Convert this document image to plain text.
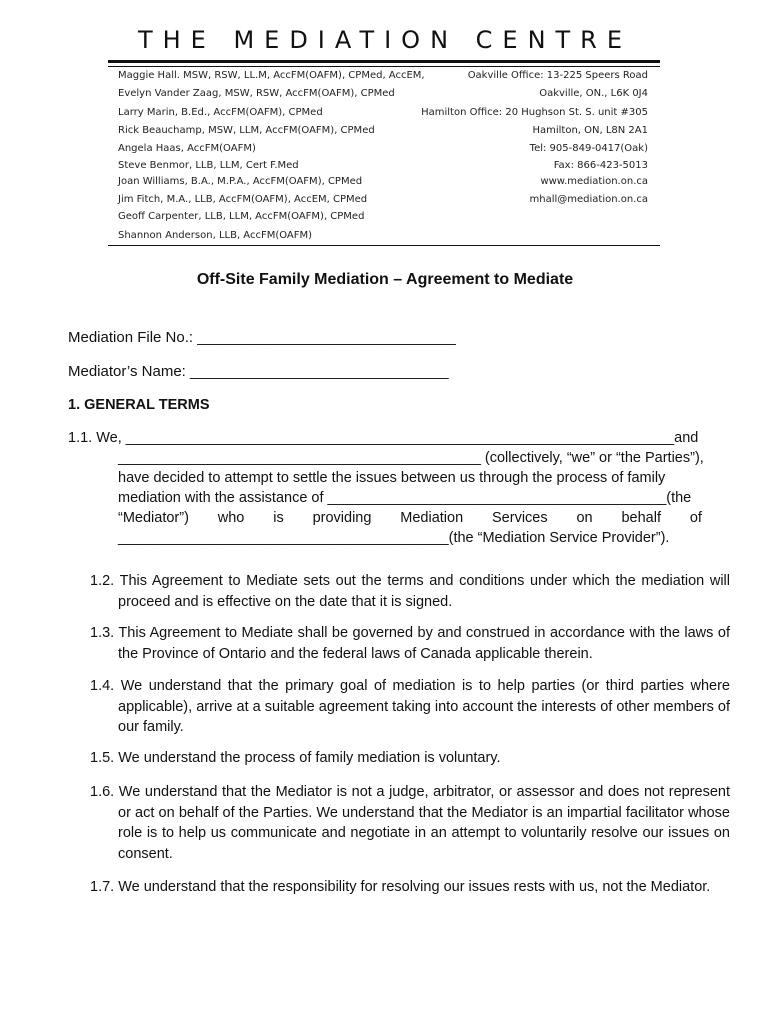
THE MEDIATION CENTRE
Maggie Hall. MSW, RSW, LL.M, AccFM(OAFM), CPMed, AccEM,
Evelyn Vander Zaag, MSW, RSW, AccFM(OAFM), CPMed
Larry Marin, B.Ed., AccFM(OAFM), CPMed
Rick Beauchamp, MSW, LLM, AccFM(OAFM), CPMed
Angela Haas, AccFM(OAFM)
Steve Benmor, LLB, LLM, Cert F.Med
Joan Williams, B.A., M.P.A., AccFM(OAFM), CPMed
Jim Fitch, M.A., LLB, AccFM(OAFM), AccEM, CPMed
Geoff Carpenter, LLB, LLM, AccFM(OAFM), CPMed
Shannon Anderson, LLB, AccFM(OAFM)
Oakville Office: 13-225 Speers Road
Oakville, ON., L6K 0J4
Hamilton Office: 20 Hughson St. S. unit #305
Hamilton, ON, L8N 2A1
Tel: 905-849-0417(Oak)
Fax: 866-423-5013
www.mediation.on.ca
mhall@mediation.on.ca
Off-Site Family Mediation – Agreement to Mediate
Mediation File No.: _______________________________
Mediator’s Name: _______________________________
1. GENERAL TERMS
1.1. We, ____________________________________________________________________and
_____________________________________________ (collectively, “we” or “the Parties”),
have decided to attempt to settle the issues between us through the process of family
mediation with the assistance of __________________________________________(the
“Mediator”) who is providing Mediation Services on behalf of
_________________________________________(the “Mediation Service Provider”).
1.2. This Agreement to Mediate sets out the terms and conditions under which the mediation will proceed and is effective on the date that it is signed.
1.3. This Agreement to Mediate shall be governed by and construed in accordance with the laws of the Province of Ontario and the federal laws of Canada applicable therein.
1.4. We understand that the primary goal of mediation is to help parties (or third parties where applicable), arrive at a suitable agreement taking into account the interests of other members of our family.
1.5. We understand the process of family mediation is voluntary.
1.6. We understand that the Mediator is not a judge, arbitrator, or assessor and does not represent or act on behalf of the Parties. We understand that the Mediator is an impartial facilitator whose role is to help us communicate and negotiate in an attempt to voluntarily resolve our issues on consent.
1.7. We understand that the responsibility for resolving our issues rests with us, not the Mediator.
